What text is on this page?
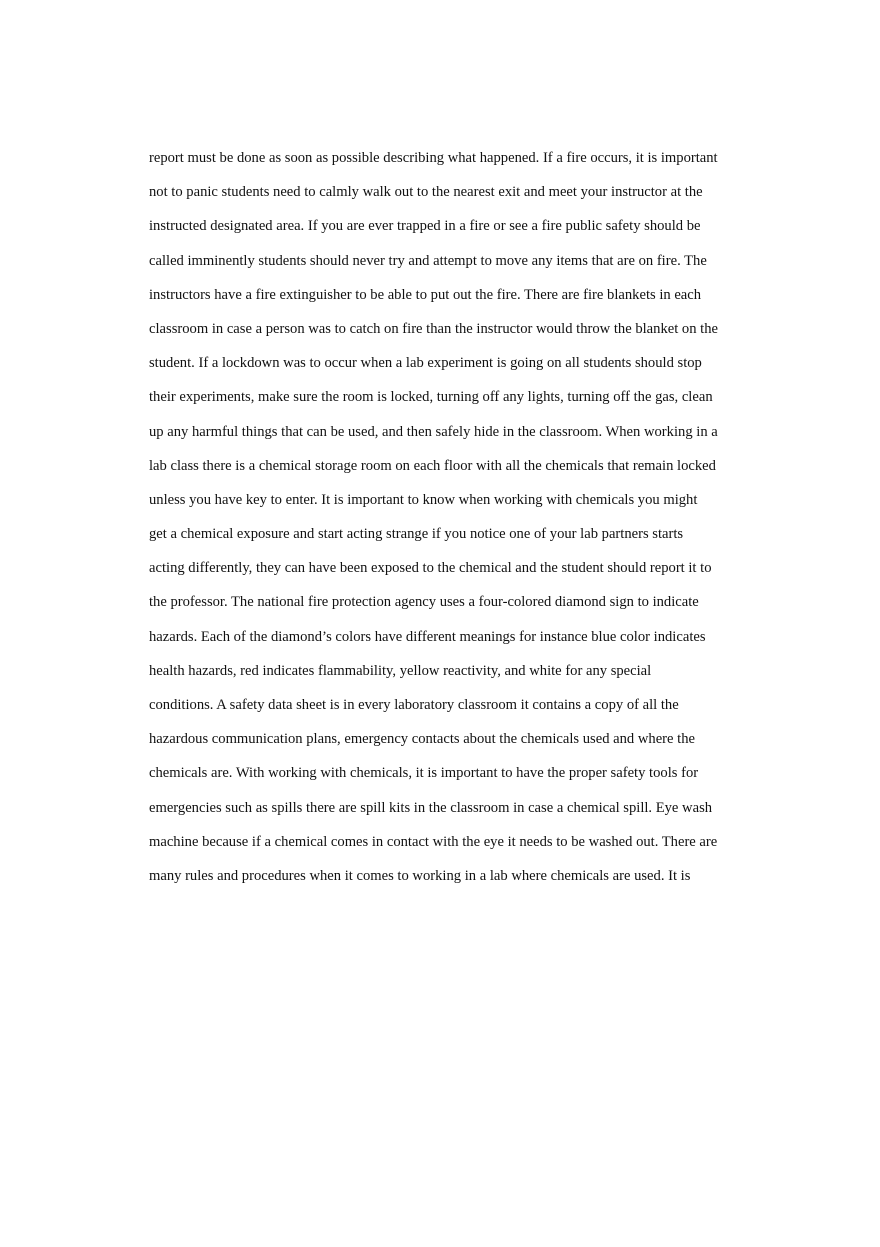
report must be done as soon as possible describing what happened. If a fire occurs, it is important
not to panic students need to calmly walk out to the nearest exit and meet your instructor at the
instructed designated area. If you are ever trapped in a fire or see a fire public safety should be
called imminently students should never try and attempt to move any items that are on fire. The
instructors have a fire extinguisher to be able to put out the fire. There are fire blankets in each
classroom in case a person was to catch on fire than the instructor would throw the blanket on the
student. If a lockdown was to occur when a lab experiment is going on all students should stop
their experiments, make sure the room is locked, turning off any lights, turning off the gas, clean
up any harmful things that can be used, and then safely hide in the classroom. When working in a
lab class there is a chemical storage room on each floor with all the chemicals that remain locked
unless you have key to enter. It is important to know when working with chemicals you might
get a chemical exposure and start acting strange if you notice one of your lab partners starts
acting differently, they can have been exposed to the chemical and the student should report it to
the professor. The national fire protection agency uses a four-colored diamond sign to indicate
hazards. Each of the diamond’s colors have different meanings for instance blue color indicates
health hazards, red indicates flammability, yellow reactivity, and white for any special
conditions. A safety data sheet is in every laboratory classroom it contains a copy of all the
hazardous communication plans, emergency contacts about the chemicals used and where the
chemicals are. With working with chemicals, it is important to have the proper safety tools for
emergencies such as spills there are spill kits in the classroom in case a chemical spill. Eye wash
machine because if a chemical comes in contact with the eye it needs to be washed out. There are
many rules and procedures when it comes to working in a lab where chemicals are used. It is
